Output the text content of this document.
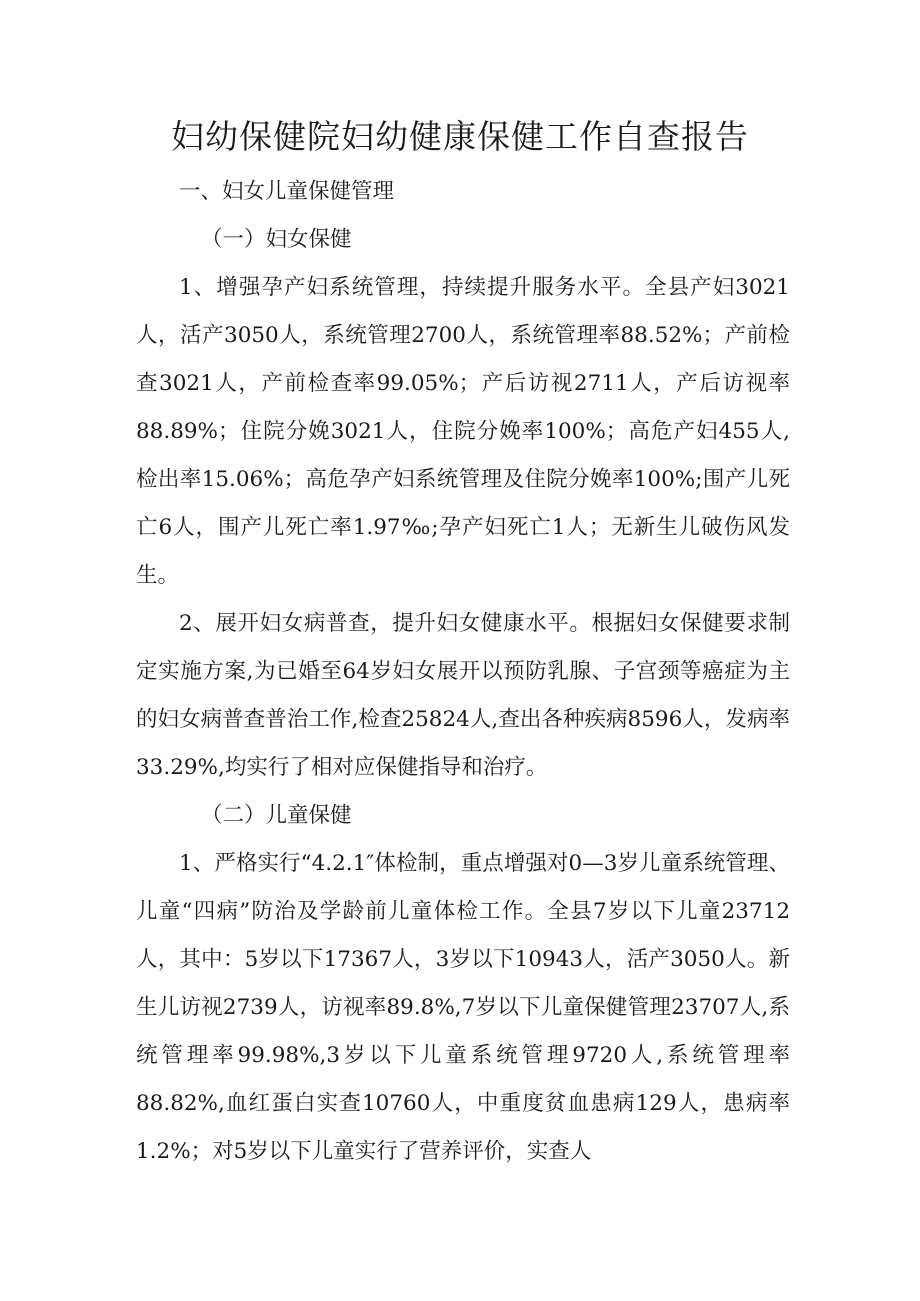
妇幼保健院妇幼健康保健工作自查报告

一、妇女儿童保健管理

（一）妇女保健

1、增强孕产妇系统管理，持续提升服务水平。全县产妇3021人，活产3050人，系统管理2700人，系统管理率88.52%；产前检查3021人，产前检查率99.05%；产后访视2711人，产后访视率88.89%；住院分娩3021人，住院分娩率100%；高危产妇455人,检出率15.06%；高危孕产妇系统管理及住院分娩率100%;围产儿死亡6人，围产儿死亡率1.97‰;孕产妇死亡1人；无新生儿破伤风发生。

2、展开妇女病普查，提升妇女健康水平。根据妇女保健要求制定实施方案,为已婚至64岁妇女展开以预防乳腺、子宫颈等癌症为主的妇女病普查普治工作,检查25824人,查出各种疾病8596人，发病率33.29%,均实行了相对应保健指导和治疗。

（二）儿童保健

1、严格实行“4.2.1″体检制，重点增强对0—3岁儿童系统管理、儿童“四病”防治及学龄前儿童体检工作。全县7岁以下儿童23712人，其中：5岁以下17367人，3岁以下10943人，活产3050人。新生儿访视2739人，访视率89.8%,7岁以下儿童保健管理23707人,系统管理率99.98%,3岁以下儿童系统管理9720人,系统管理率88.82%,血红蛋白实查10760人，中重度贫血患病129人，患病率1.2%；对5岁以下儿童实行了营养评价，实查人
